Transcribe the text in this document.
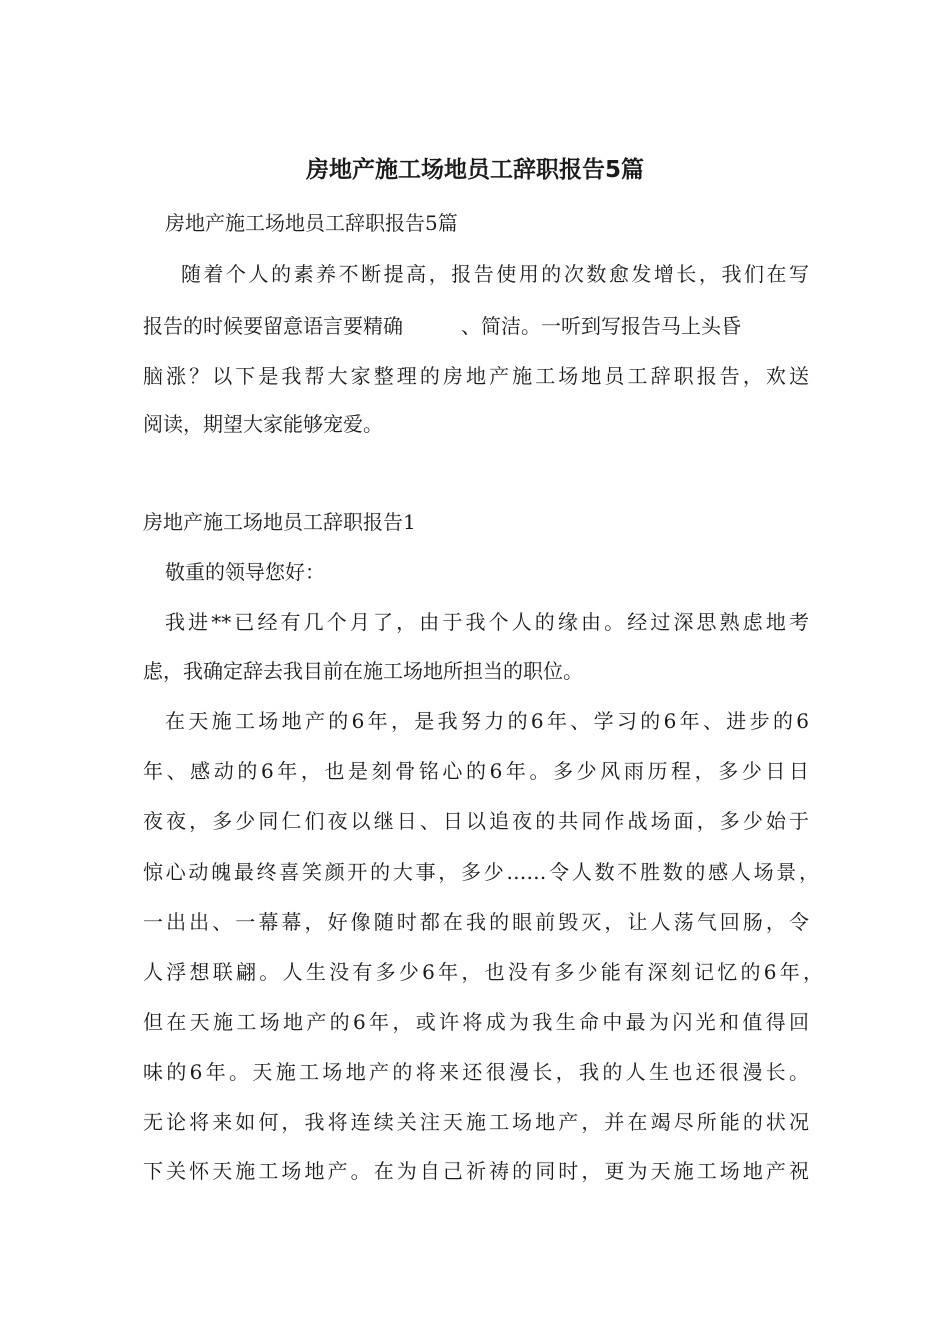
房地产施工场地员工辞职报告5篇
房地产施工场地员工辞职报告5篇
随着个人的素养不断提高，报告使用的次数愈发增长，我们在写
报告的时候要留意语言要精确	、简洁。一听到写报告马上头昏
脑涨？以下是我帮大家整理的房地产施工场地员工辞职报告，欢送
阅读，期望大家能够宠爱。
房地产施工场地员工辞职报告1
敬重的领导您好：
我进**已经有几个月了，由于我个人的缘由。经过深思熟虑地考
虑，我确定辞去我目前在施工场地所担当的职位。
在天施工场地产的6年，是我努力的6年、学习的6年、进步的6
年、感动的6年，也是刻骨铭心的6年。多少风雨历程，多少日日
夜夜，多少同仁们夜以继日、日以追夜的共同作战场面，多少始于
惊心动魄最终喜笑颜开的大事，多少……令人数不胜数的感人场景，
一出出、一幕幕，好像随时都在我的眼前毁灭，让人荡气回肠，令
人浮想联翩。人生没有多少6年，也没有多少能有深刻记忆的6年，
但在天施工场地产的6年，或许将成为我生命中最为闪光和值得回
味的6年。天施工场地产的将来还很漫长，我的人生也还很漫长。
无论将来如何，我将连续关注天施工场地产，并在竭尽所能的状况
下关怀天施工场地产。在为自己祈祷的同时，更为天施工场地产祝
